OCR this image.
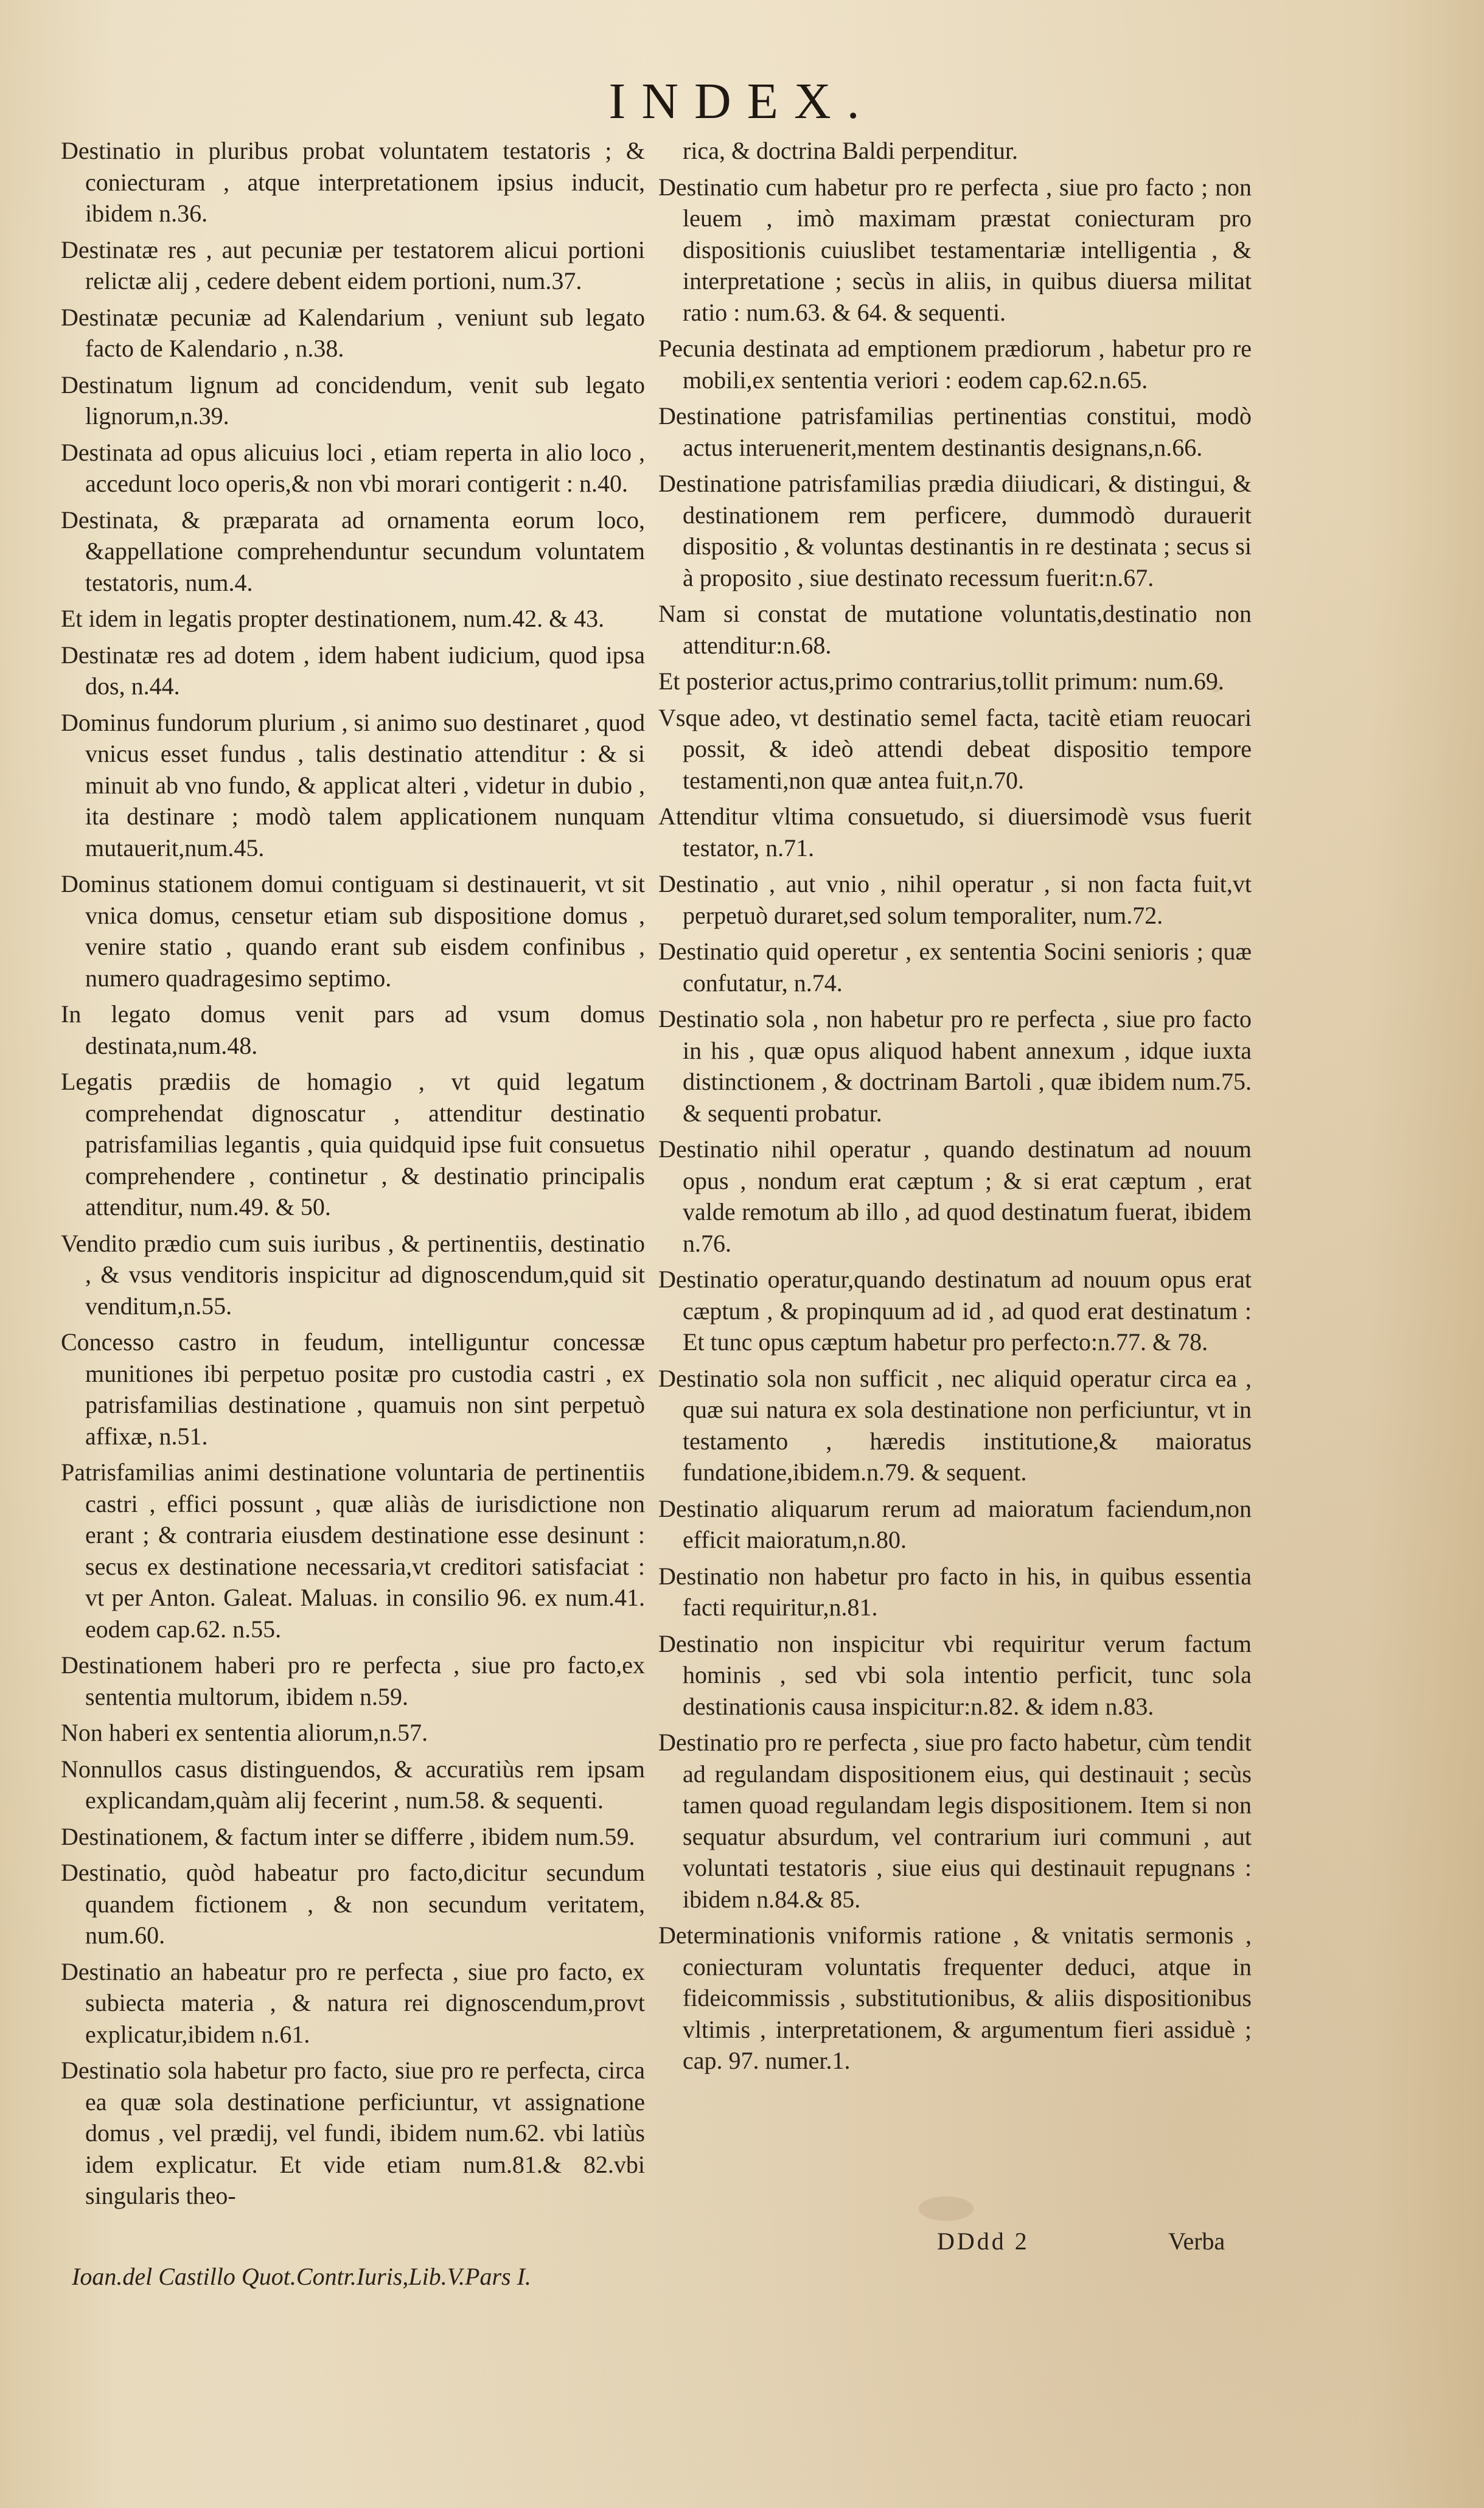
INDEX.

Destinatio in pluribus probat voluntatem testatoris ; & coniecturam , atque interpretationem ipsius inducit, ibidem n.36.

Destinatæ res , aut pecuniæ per testatorem alicui portioni relictæ alij , cedere debent eidem portioni, num.37.

Destinatæ pecuniæ ad Kalendarium , veniunt sub legato facto de Kalendario , n.38.

Destinatum lignum ad concidendum, venit sub legato lignorum,n.39.

Destinata ad opus alicuius loci , etiam reperta in alio loco , accedunt loco operis,& non vbi morari contigerit : n.40.

Destinata, & præparata ad ornamenta eorum loco, &appellatione comprehenduntur secundum voluntatem testatoris, num.4.

Et idem in legatis propter destinationem, num.42. & 43.

Destinatæ res ad dotem , idem habent iudicium, quod ipsa dos, n.44.

Dominus fundorum plurium , si animo suo destinaret , quod vnicus esset fundus , talis destinatio attenditur : & si minuit ab vno fundo, & applicat alteri , videtur in dubio , ita destinare ; modò talem applicationem nunquam mutauerit,num.45.

Dominus stationem domui contiguam si destinauerit, vt sit vnica domus, censetur etiam sub dispositione domus , venire statio , quando erant sub eisdem confinibus , numero quadragesimo septimo.

In legato domus venit pars ad vsum domus destinata,num.48.

Legatis prædiis de homagio , vt quid legatum comprehendat dignoscatur , attenditur destinatio patrisfamilias legantis , quia quidquid ipse fuit consuetus comprehendere , continetur , & destinatio principalis attenditur, num.49. & 50.

Vendito prædio cum suis iuribus , & pertinentiis, destinatio , & vsus venditoris inspicitur ad dignoscendum,quid sit venditum,n.55.

Concesso castro in feudum, intelliguntur concessæ munitiones ibi perpetuo positæ pro custodia castri , ex patrisfamilias destinatione , quamuis non sint perpetuò affixæ, n.51.

Patrisfamilias animi destinatione voluntaria de pertinentiis castri , effici possunt , quæ aliàs de iurisdictione non erant ; & contraria eiusdem destinatione esse desinunt : secus ex destinatione necessaria,vt creditori satisfaciat : vt per Anton. Galeat. Maluas. in consilio 96. ex num.41. eodem cap.62. n.55.

Destinationem haberi pro re perfecta , siue pro facto,ex sententia multorum, ibidem n.59.

Non haberi ex sententia aliorum,n.57.

Nonnullos casus distinguendos, & accuratiùs rem ipsam explicandam,quàm alij fecerint , num.58. & sequenti.

Destinationem, & factum inter se differre , ibidem num.59.

Destinatio, quòd habeatur pro facto,dicitur secundum quandem fictionem , & non secundum veritatem, num.60.

Destinatio an habeatur pro re perfecta , siue pro facto, ex subiecta materia , & natura rei dignoscendum,provt explicatur,ibidem n.61.

Destinatio sola habetur pro facto, siue pro re perfecta, circa ea quæ sola destinatione perficiuntur, vt assignatione domus , vel prædij, vel fundi, ibidem num.62. vbi latiùs idem explicatur. Et vide etiam num.81.& 82.vbi singularis theo-

rica, & doctrina Baldi perpenditur.

Destinatio cum habetur pro re perfecta , siue pro facto ; non leuem , imò maximam præstat coniecturam pro dispositionis cuiuslibet testamentariæ intelligentia , & interpretatione ; secùs in aliis, in quibus diuersa militat ratio : num.63. & 64. & sequenti.

Pecunia destinata ad emptionem prædiorum , habetur pro re mobili,ex sententia veriori : eodem cap.62.n.65.

Destinatione patrisfamilias pertinentias constitui, modò actus interuenerit,mentem destinantis designans,n.66.

Destinatione patrisfamilias prædia diiudicari, & distingui, & destinationem rem perficere, dummodò durauerit dispositio , & voluntas destinantis in re destinata ; secus si à proposito , siue destinato recessum fuerit:n.67.

Nam si constat de mutatione voluntatis,destinatio non attenditur:n.68.

Et posterior actus,primo contrarius,tollit primum: num.69.

Vsque adeo, vt destinatio semel facta, tacitè etiam reuocari possit, & ideò attendi debeat dispositio tempore testamenti,non quæ antea fuit,n.70.

Attenditur vltima consuetudo, si diuersimodè vsus fuerit testator, n.71.

Destinatio , aut vnio , nihil operatur , si non facta fuit,vt perpetuò duraret,sed solum temporaliter, num.72.

Destinatio quid operetur , ex sententia Socini senioris ; quæ confutatur, n.74.

Destinatio sola , non habetur pro re perfecta , siue pro facto in his , quæ opus aliquod habent annexum , idque iuxta distinctionem , & doctrinam Bartoli , quæ ibidem num.75. & sequenti probatur.

Destinatio nihil operatur , quando destinatum ad nouum opus , nondum erat cæptum ; & si erat cæptum , erat valde remotum ab illo , ad quod destinatum fuerat, ibidem n.76.

Destinatio operatur,quando destinatum ad nouum opus erat cæptum , & propinquum ad id , ad quod erat destinatum : Et tunc opus cæptum habetur pro perfecto:n.77. & 78.

Destinatio sola non sufficit , nec aliquid operatur circa ea , quæ sui natura ex sola destinatione non perficiuntur, vt in testamento , hæredis institutione,& maioratus fundatione,ibidem.n.79. & sequent.

Destinatio aliquarum rerum ad maioratum faciendum,non efficit maioratum,n.80.

Destinatio non habetur pro facto in his, in quibus essentia facti requiritur,n.81.

Destinatio non inspicitur vbi requiritur verum factum hominis , sed vbi sola intentio perficit, tunc sola destinationis causa inspicitur:n.82. & idem n.83.

Destinatio pro re perfecta , siue pro facto habetur, cùm tendit ad regulandam dispositionem eius, qui destinauit ; secùs tamen quoad regulandam legis dispositionem. Item si non sequatur absurdum, vel contrarium iuri communi , aut voluntati testatoris , siue eius qui destinauit repugnans : ibidem n.84.& 85.

Determinationis vniformis ratione , & vnitatis sermonis , coniecturam voluntatis frequenter deduci, atque in fideicommissis , substitutionibus, & aliis dispositionibus vltimis , interpretationem, & argumentum fieri assiduè ; cap. 97. numer.1.

Ioan.del Castillo Quot.Contr.Iuris,Lib.V.Pars I.
DDdd 2	Verba
